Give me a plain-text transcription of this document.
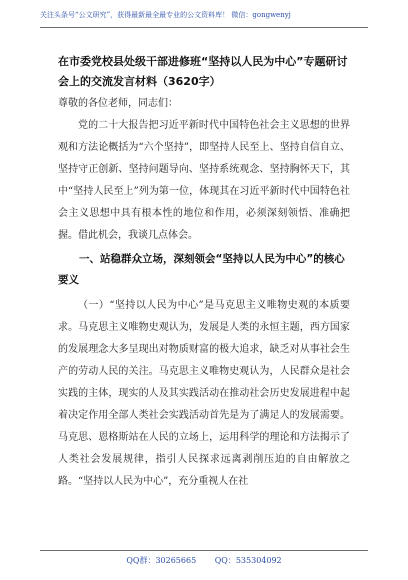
关注头条号“公文研究”，获得最新最全最专业的公文资料库！ 微信：gongwenyj

在市委党校县处级干部进修班“坚持以人民为中心”专题研讨会上的交流发言材料（3620字）

尊敬的各位老师，同志们：

党的二十大报告把习近平新时代中国特色社会主义思想的世界观和方法论概括为“六个坚持”，即坚持人民至上、坚持自信自立、坚持守正创新、坚持问题导向、坚持系统观念、坚持胸怀天下，其中“坚持人民至上”列为第一位，体现其在习近平新时代中国特色社会主义思想中具有根本性的地位和作用，必须深刻领悟、准确把握。借此机会，我谈几点体会。

一、站稳群众立场，深刻领会“坚持以人民为中心”的核心要义

（一）“坚持以人民为中心”是马克思主义唯物史观的本质要求。马克思主义唯物史观认为，发展是人类的永恒主题，西方国家的发展理念大多呈现出对物质财富的极大追求，缺乏对从事社会生产的劳动人民的关注。马克思主义唯物史观认为，人民群众是社会实践的主体，现实的人及其实践活动在推动社会历史发展进程中起着决定作用全部人类社会实践活动首先是为了满足人的发展需要。马克思、恩格斯站在人民的立场上，运用科学的理论和方法揭示了人类社会发展规律，指引人民探求远离剥削压迫的自由解放之路。“坚持以人民为中心”，充分重视人在社

QQ群：30265665 QQ：535304092
